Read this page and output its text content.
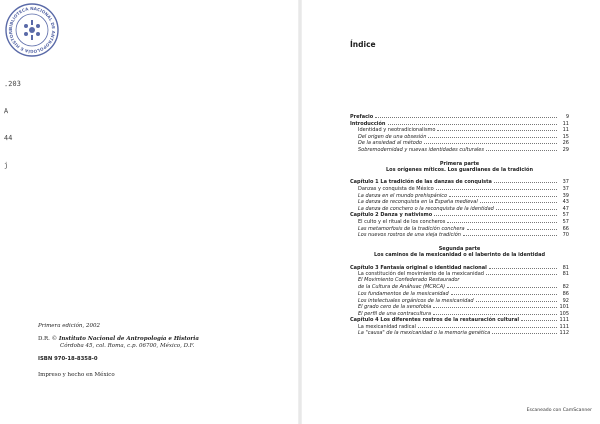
BIBLIOTECA NACIONAL DE ANTROPOLOGÍA E HISTORI

.203

A

44

j

Primera edición, 2002
D.R. © Instituto Nacional de Antropología e Historia
Córdoba 45, col. Roma, c.p. 06700, México, D.F.
ISBN 970-18-8358-0
Impreso y hecho en México
Índice
Prefacio	9
Introducción	11
Identidad y neotradicionalismo	11
Del origen de una obsesión	15
De la ansiedad al método	26
Sobremodernidad y nuevas identidades culturales	29
Primera parte
Los orígenes míticos. Los guardianes de la tradición
Capítulo 1 La tradición de las danzas de conquista	37
Danzas y conquista de México	37
La danza en el mundo prehispánico	39
La danza de reconquista en la España medieval	43
La danza de conchero o la reconquista de la identidad	47
Capítulo 2 Danza y nativismo	57
El culto y el ritual de los concheros	57
Las metamorfosis de la tradición conchera	66
Los nuevos rostros de una vieja tradición	70
Segunda parte
Los caminos de la mexicanidad o el laberinto de la identidad
Capítulo 3 Fantasía original o identidad nacional	81
La constitución del movimiento de la mexicanidad	81
El Movimiento Confederado Restaurador
de la Cultura de Anáhuac (MCRCA)	82
Los fundamentos de la mexicanidad	86
Los intelectuales orgánicos de la mexicanidad	92
El grado cero de la xenofobia	101
El perfil de una contracultura	105
Capítulo 4 Los diferentes rostros de la restauración cultural	111
La mexicanidad radical	111
La "causa" de la mexicanidad o la memoria genética	112
Escaneado con CamScanner
